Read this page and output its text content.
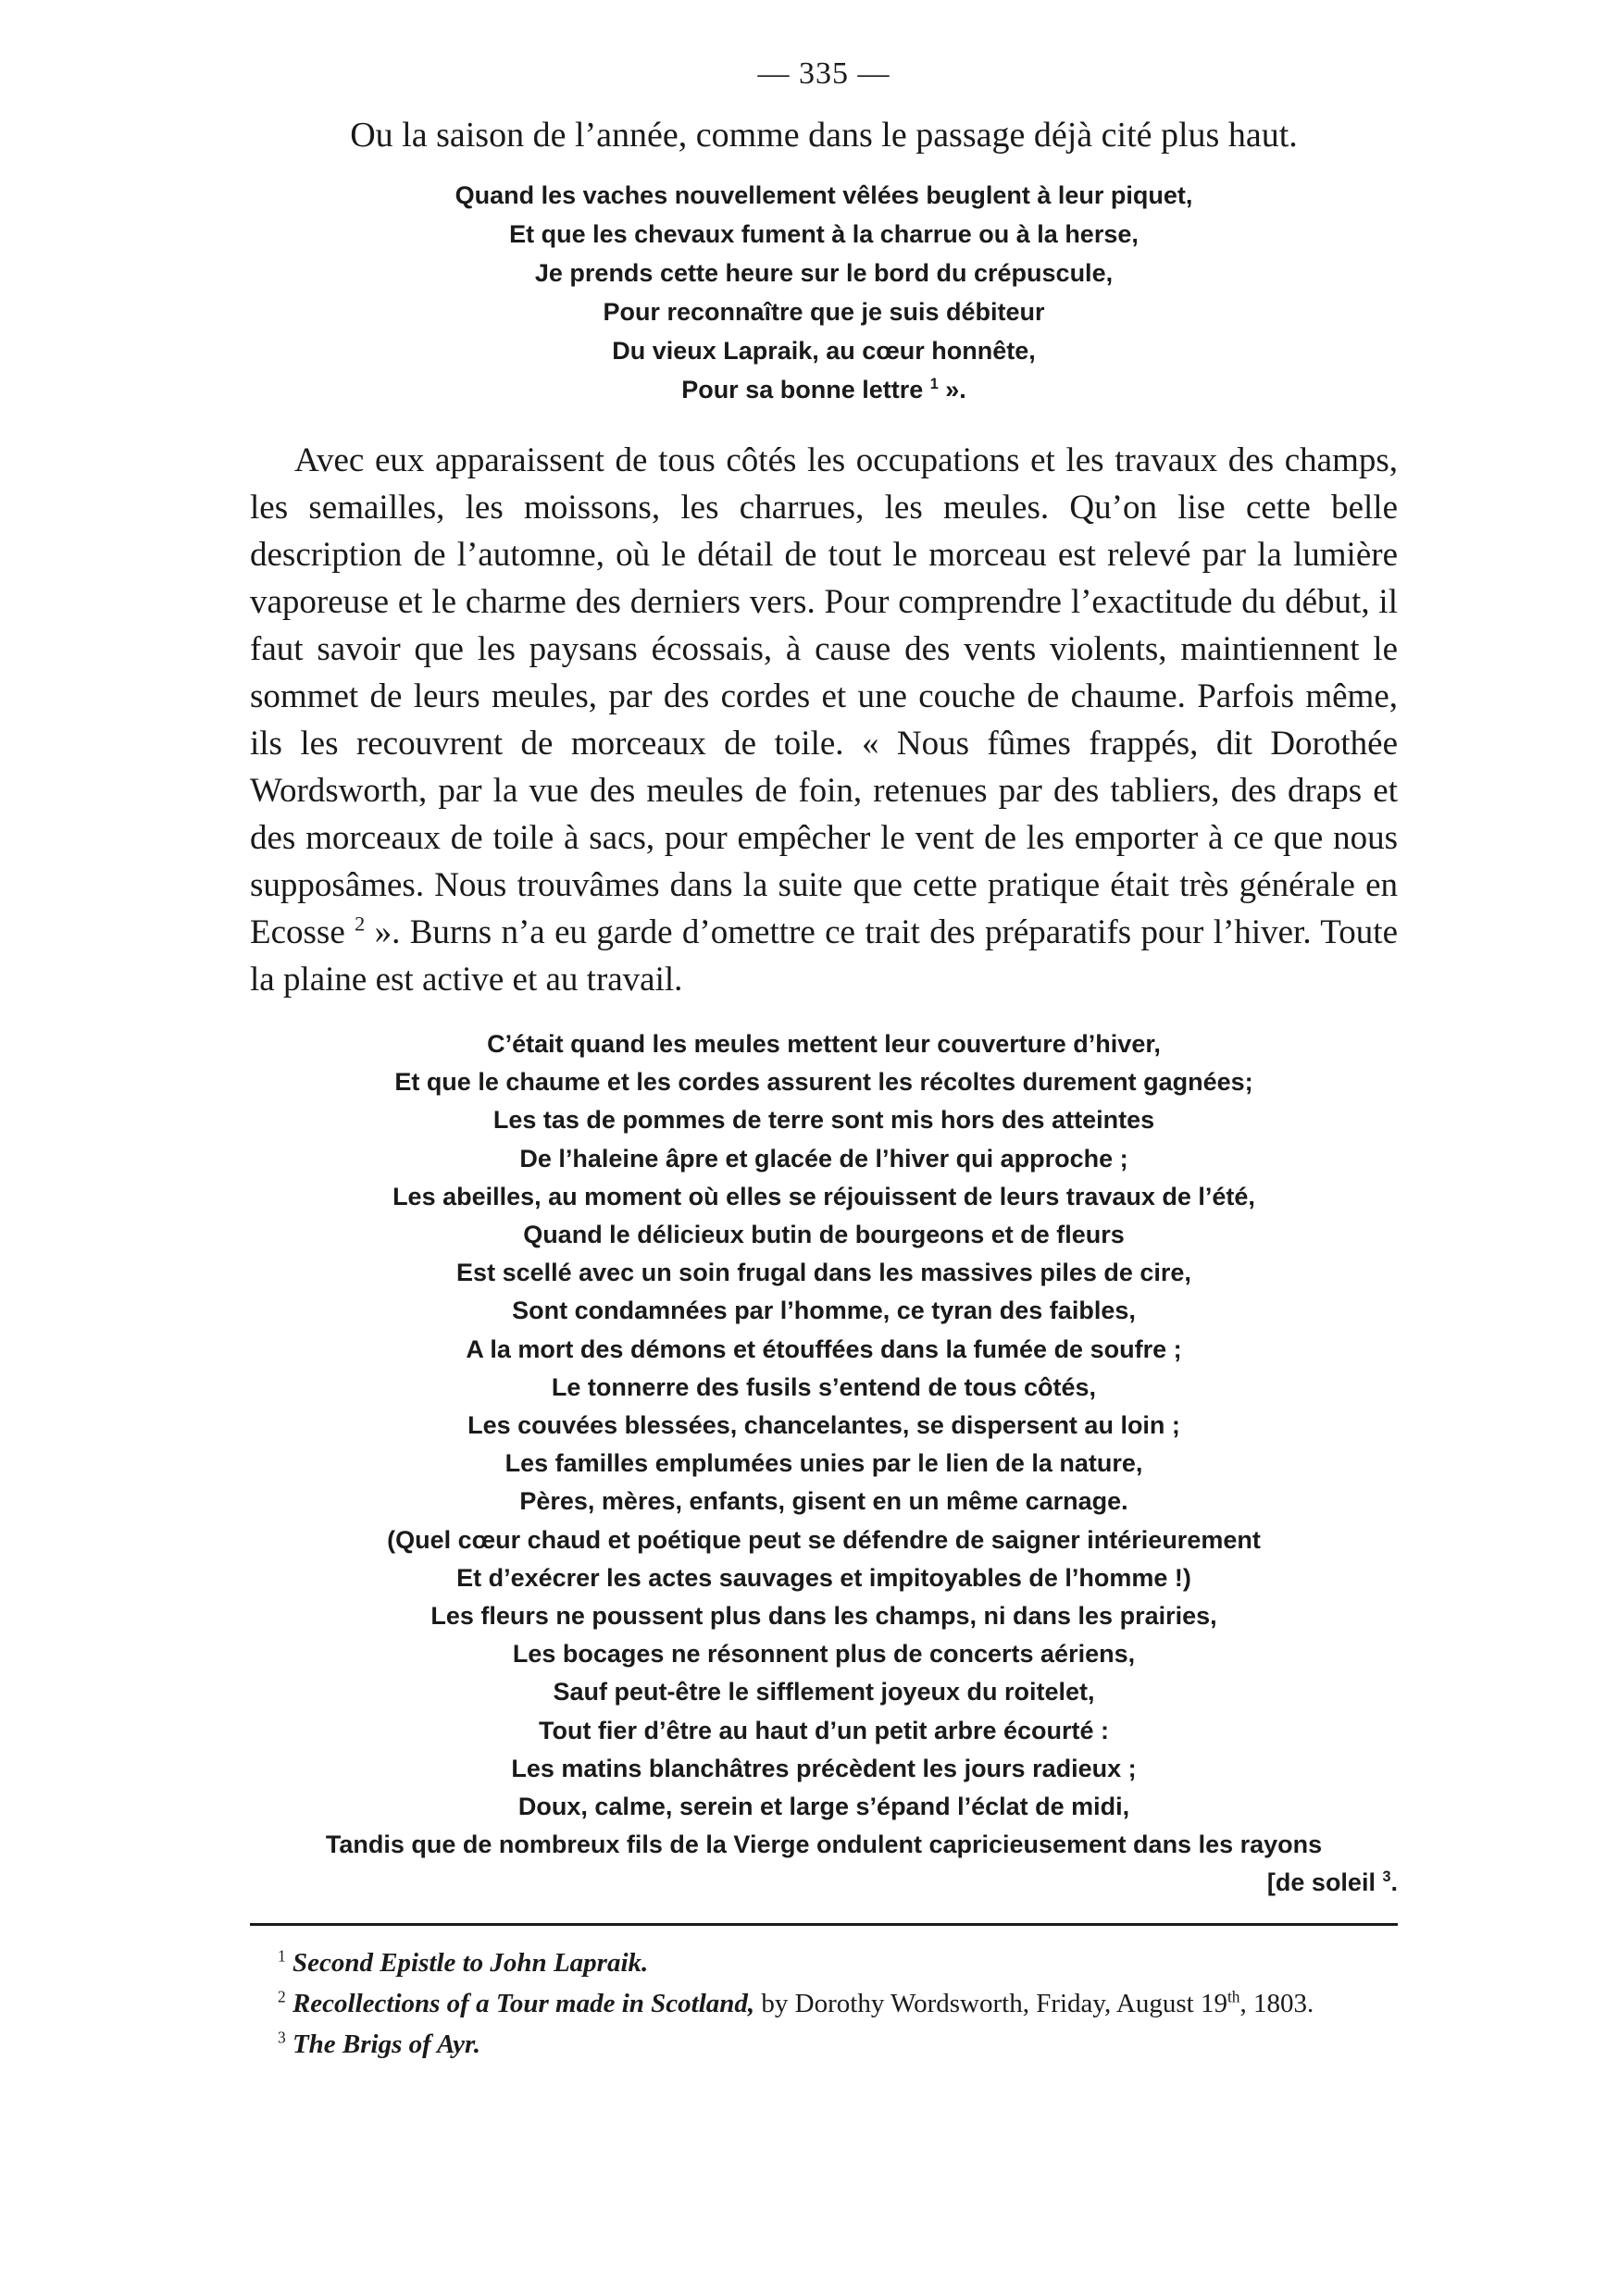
— 335 —
Ou la saison de l’année, comme dans le passage déjà cité plus haut.
Quand les vaches nouvellement vêlées beuglent à leur piquet,
Et que les chevaux fument à la charrue ou à la herse,
Je prends cette heure sur le bord du crépuscule,
Pour reconnaître que je suis débiteur
Du vieux Lapraik, au cœur honnête,
Pour sa bonne lettre $^1$ ».

Avec eux apparaissent de tous côtés les occupations et les travaux des champs, les semailles, les moissons, les charrues, les meules. Qu’on lise cette belle description de l’automne, où le détail de tout le morceau est relevé par la lumière vaporeuse et le charme des derniers vers. Pour comprendre l’exactitude du début, il faut savoir que les paysans écossais, à cause des vents violents, maintiennent le sommet de leurs meules, par des cordes et une couche de chaume. Parfois même, ils les recouvrent de morceaux de toile. « Nous fûmes frappés, dit Dorothée Wordsworth, par la vue des meules de foin, retenues par des tabliers, des draps et des morceaux de toile à sacs, pour empêcher le vent de les emporter à ce que nous supposâmes. Nous trouvâmes dans la suite que cette pratique était très générale en Ecosse $^2$ ». Burns n’a eu garde d’omettre ce trait des préparatifs pour l’hiver. Toute la plaine est active et au travail.

C’était quand les meules mettent leur couverture d’hiver,
Et que le chaume et les cordes assurent les récoltes durement gagnées;
Les tas de pommes de terre sont mis hors des atteintes
De l’haleine âpre et glacée de l’hiver qui approche ;
Les abeilles, au moment où elles se réjouissent de leurs travaux de l’été,
Quand le délicieux butin de bourgeons et de fleurs
Est scellé avec un soin frugal dans les massives piles de cire,
Sont condamnées par l’homme, ce tyran des faibles,
A la mort des démons et étouffées dans la fumée de soufre ;
Le tonnerre des fusils s’entend de tous côtés,
Les couvées blessées, chancelantes, se dispersent au loin ;
Les familles emplumées unies par le lien de la nature,
Pères, mères, enfants, gisent en un même carnage.
(Quel cœur chaud et poétique peut se défendre de saigner intérieurement
Et d’exécrer les actes sauvages et impitoyables de l’homme !)
Les fleurs ne poussent plus dans les champs, ni dans les prairies,
Les bocages ne résonnent plus de concerts aériens,
Sauf peut-être le sifflement joyeux du roitelet,
Tout fier d’être au haut d’un petit arbre écourté :
Les matins blanchâtres précèdent les jours radieux ;
Doux, calme, serein et large s’épand l’éclat de midi,
Tandis que de nombreux fils de la Vierge ondulent capricieusement dans les rayons
[de soleil $^3$.

$^1$ Second Epistle to John Lapraik.

$^2$ Recollections of a Tour made in Scotland, by Dorothy Wordsworth, Friday, August 19th, 1803.

$^3$ The Brigs of Ayr.
